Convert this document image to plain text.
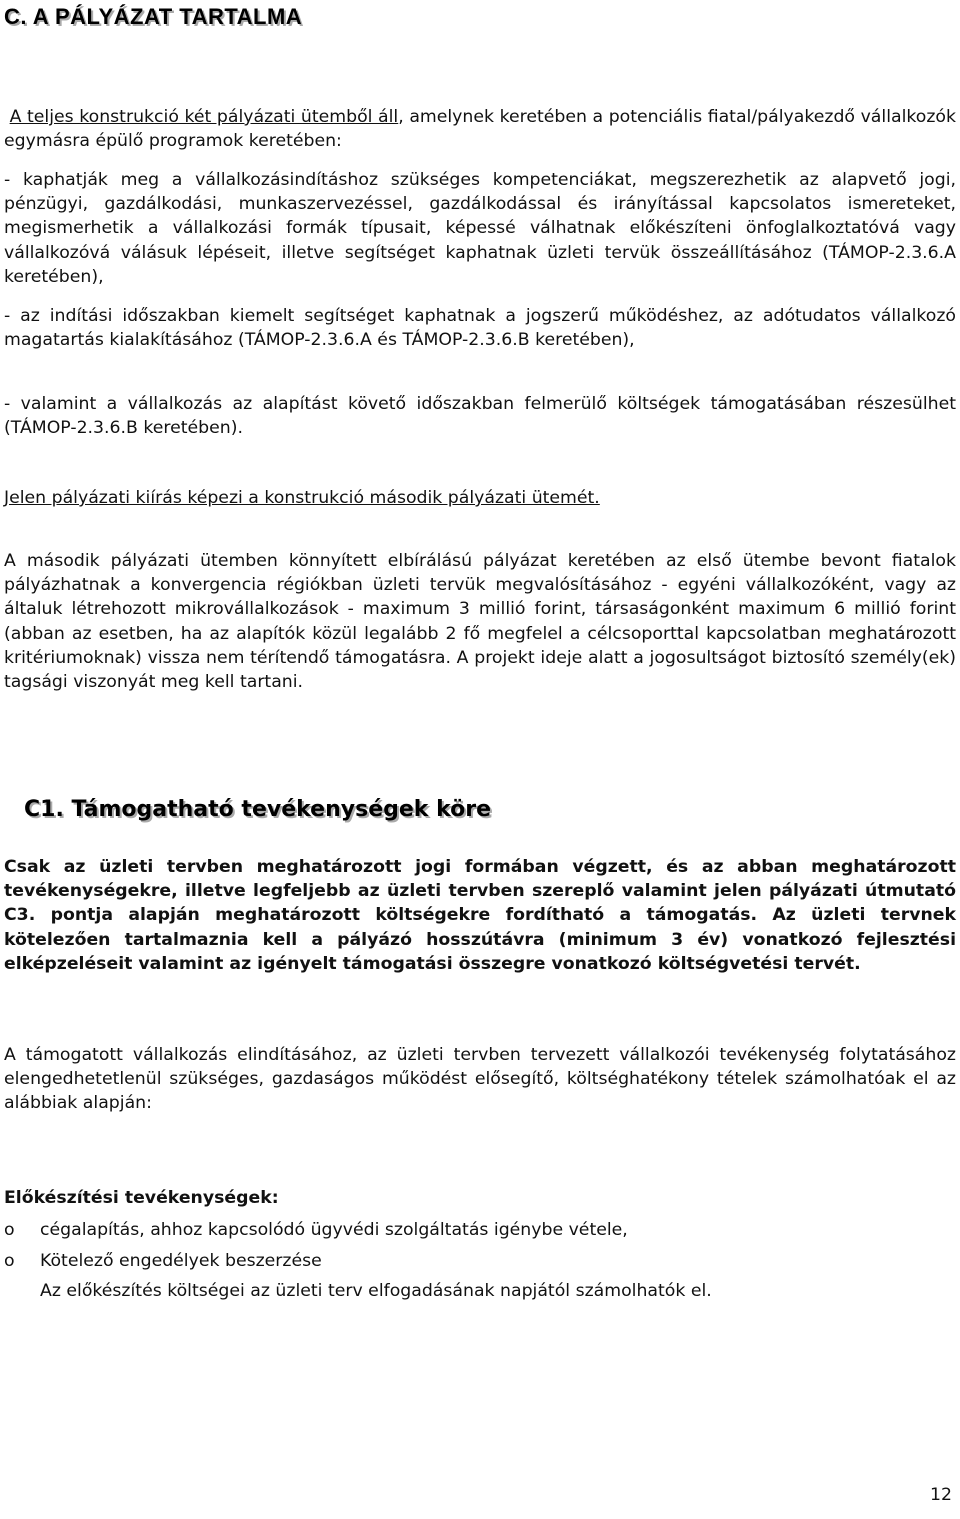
C. A PÁLYÁZAT TARTALMA

A teljes konstrukció két pályázati ütemből áll, amelynek keretében a potenciális fiatal/pályakezdő vállalkozók egymásra épülő programok keretében:

- kaphatják meg a vállalkozásindításhoz szükséges kompetenciákat, megszerezhetik az alapvető jogi, pénzügyi, gazdálkodási, munkaszervezéssel, gazdálkodással és irányítással kapcsolatos ismereteket, megismerhetik a vállalkozási formák típusait, képessé válhatnak előkészíteni önfoglalkoztatóvá vagy vállalkozóvá válásuk lépéseit, illetve segítséget kaphatnak üzleti tervük összeállításához (TÁMOP-2.3.6.A keretében),

- az indítási időszakban kiemelt segítséget kaphatnak a jogszerű működéshez, az adótudatos vállalkozó magatartás kialakításához (TÁMOP-2.3.6.A és TÁMOP-2.3.6.B keretében),

- valamint a vállalkozás az alapítást követő időszakban felmerülő költségek támogatásában részesülhet (TÁMOP-2.3.6.B keretében).

Jelen pályázati kiírás képezi a konstrukció második pályázati ütemét.

A második pályázati ütemben könnyített elbírálású pályázat keretében az első ütembe bevont fiatalok pályázhatnak a konvergencia régiókban üzleti tervük megvalósításához - egyéni vállalkozóként, vagy az általuk létrehozott mikrovállalkozások - maximum 3 millió forint, társaságonként maximum 6 millió forint (abban az esetben, ha az alapítók közül legalább 2 fő megfelel a célcsoporttal kapcsolatban meghatározott kritériumoknak) vissza nem térítendő támogatásra. A projekt ideje alatt a jogosultságot biztosító személy(ek) tagsági viszonyát meg kell tartani.

C1. Támogatható tevékenységek köre

Csak az üzleti tervben meghatározott jogi formában végzett, és az abban meghatározott tevékenységekre, illetve legfeljebb az üzleti tervben szereplő valamint jelen pályázati útmutató C3. pontja alapján meghatározott költségekre fordítható a támogatás. Az üzleti tervnek kötelezően tartalmaznia kell a pályázó hosszútávra (minimum 3 év) vonatkozó fejlesztési elképzeléseit valamint az igényelt támogatási összegre vonatkozó költségvetési tervét.

A támogatott vállalkozás elindításához, az üzleti tervben tervezett vállalkozói tevékenység folytatásához elengedhetetlenül szükséges, gazdaságos működést elősegítő, költséghatékony tételek számolhatóak el az alábbiak alapján:

Előkészítési tevékenységek:

o cégalapítás, ahhoz kapcsolódó ügyvédi szolgáltatás igénybe vétele,
o Kötelező engedélyek beszerzése
Az előkészítés költségei az üzleti terv elfogadásának napjától számolhatók el.
12
